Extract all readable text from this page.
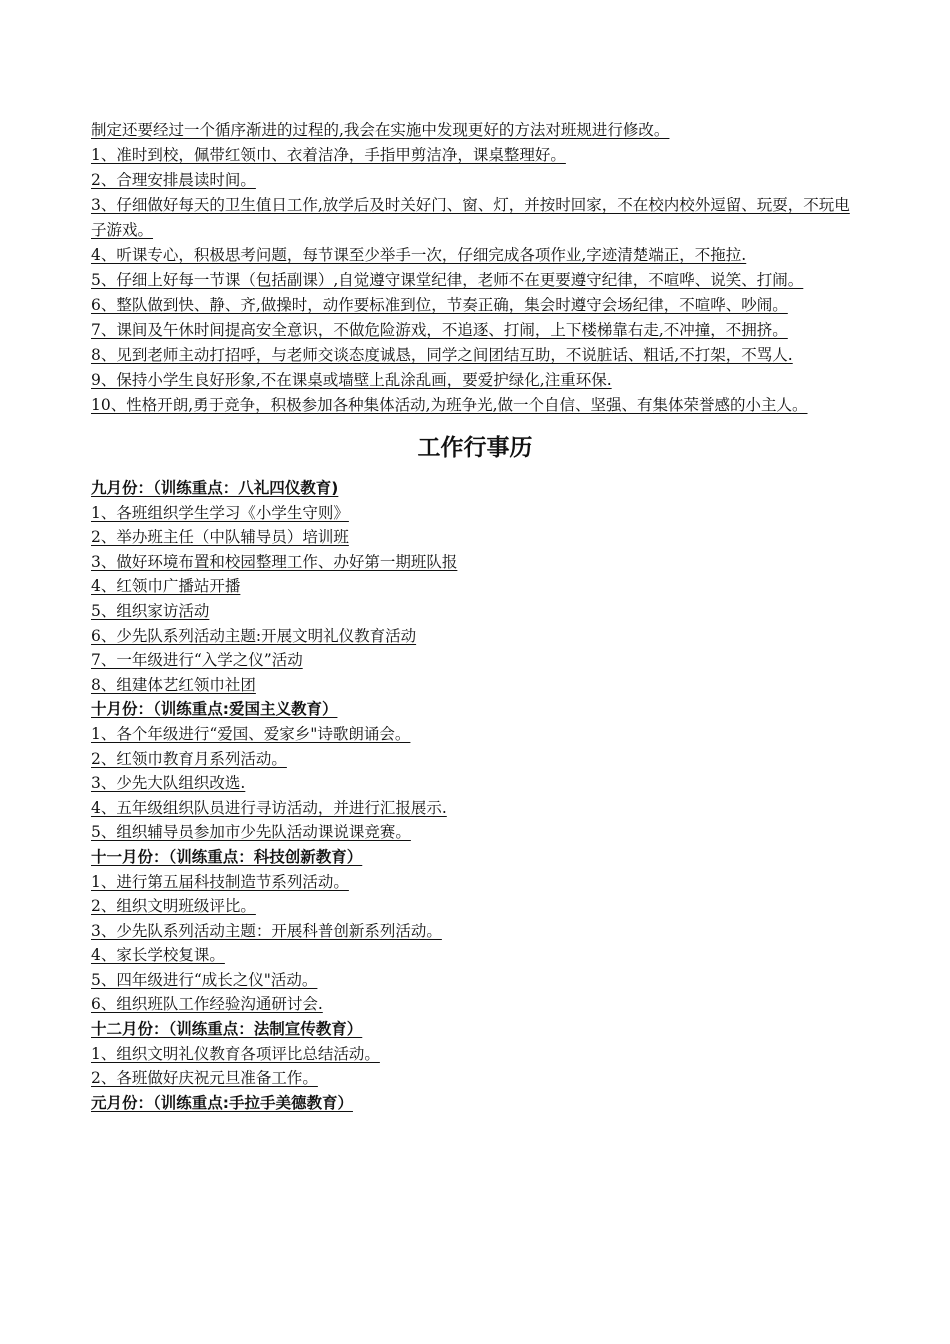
制定还要经过一个循序渐进的过程的,我会在实施中发现更好的方法对班规进行修改。

1、准时到校，佩带红领巾、衣着洁净，手指甲剪洁净，课桌整理好。

2、合理安排晨读时间。

3、仔细做好每天的卫生值日工作,放学后及时关好门、窗、灯，并按时回家，不在校内校外逗留、玩耍，不玩电子游戏。

4、听课专心，积极思考问题，每节课至少举手一次，仔细完成各项作业,字迹清楚端正，不拖拉.

5、仔细上好每一节课（包括副课）,自觉遵守课堂纪律，老师不在更要遵守纪律，不喧哗、说笑、打闹。

6、整队做到快、静、齐,做操时，动作要标准到位，节奏正确，集会时遵守会场纪律，不喧哗、吵闹。

7、课间及午休时间提高安全意识，不做危险游戏，不追逐、打闹，上下楼梯靠右走,不冲撞，不拥挤。

8、见到老师主动打招呼，与老师交谈态度诚恳，同学之间团结互助，不说脏话、粗话,不打架，不骂人.

9、保持小学生良好形象,不在课桌或墙壁上乱涂乱画，要爱护绿化,注重环保.

10、性格开朗,勇于竞争，积极参加各种集体活动,为班争光,做一个自信、坚强、有集体荣誉感的小主人。

工作行事历

九月份：（训练重点：八礼四仪教育)

1、各班组织学生学习《小学生守则》

2、举办班主任（中队辅导员）培训班

3、做好环境布置和校园整理工作、办好第一期班队报

4、红领巾广播站开播

5、组织家访活动

6、少先队系列活动主题:开展文明礼仪教育活动

7、一年级进行“入学之仪”活动

8、组建体艺红领巾社团

十月份：（训练重点:爱国主义教育）

1、各个年级进行“爱国、爱家乡"诗歌朗诵会。

2、红领巾教育月系列活动。

3、少先大队组织改选.

4、五年级组织队员进行寻访活动，并进行汇报展示.

5、组织辅导员参加市少先队活动课说课竞赛。

十一月份：（训练重点：科技创新教育）

1、进行第五届科技制造节系列活动。

2、组织文明班级评比。

3、少先队系列活动主题：开展科普创新系列活动。

4、家长学校复课。

5、四年级进行“成长之仪"活动。

6、组织班队工作经验沟通研讨会.

十二月份：（训练重点：法制宣传教育）

1、组织文明礼仪教育各项评比总结活动。

2、各班做好庆祝元旦准备工作。

元月份：（训练重点:手拉手美德教育）
